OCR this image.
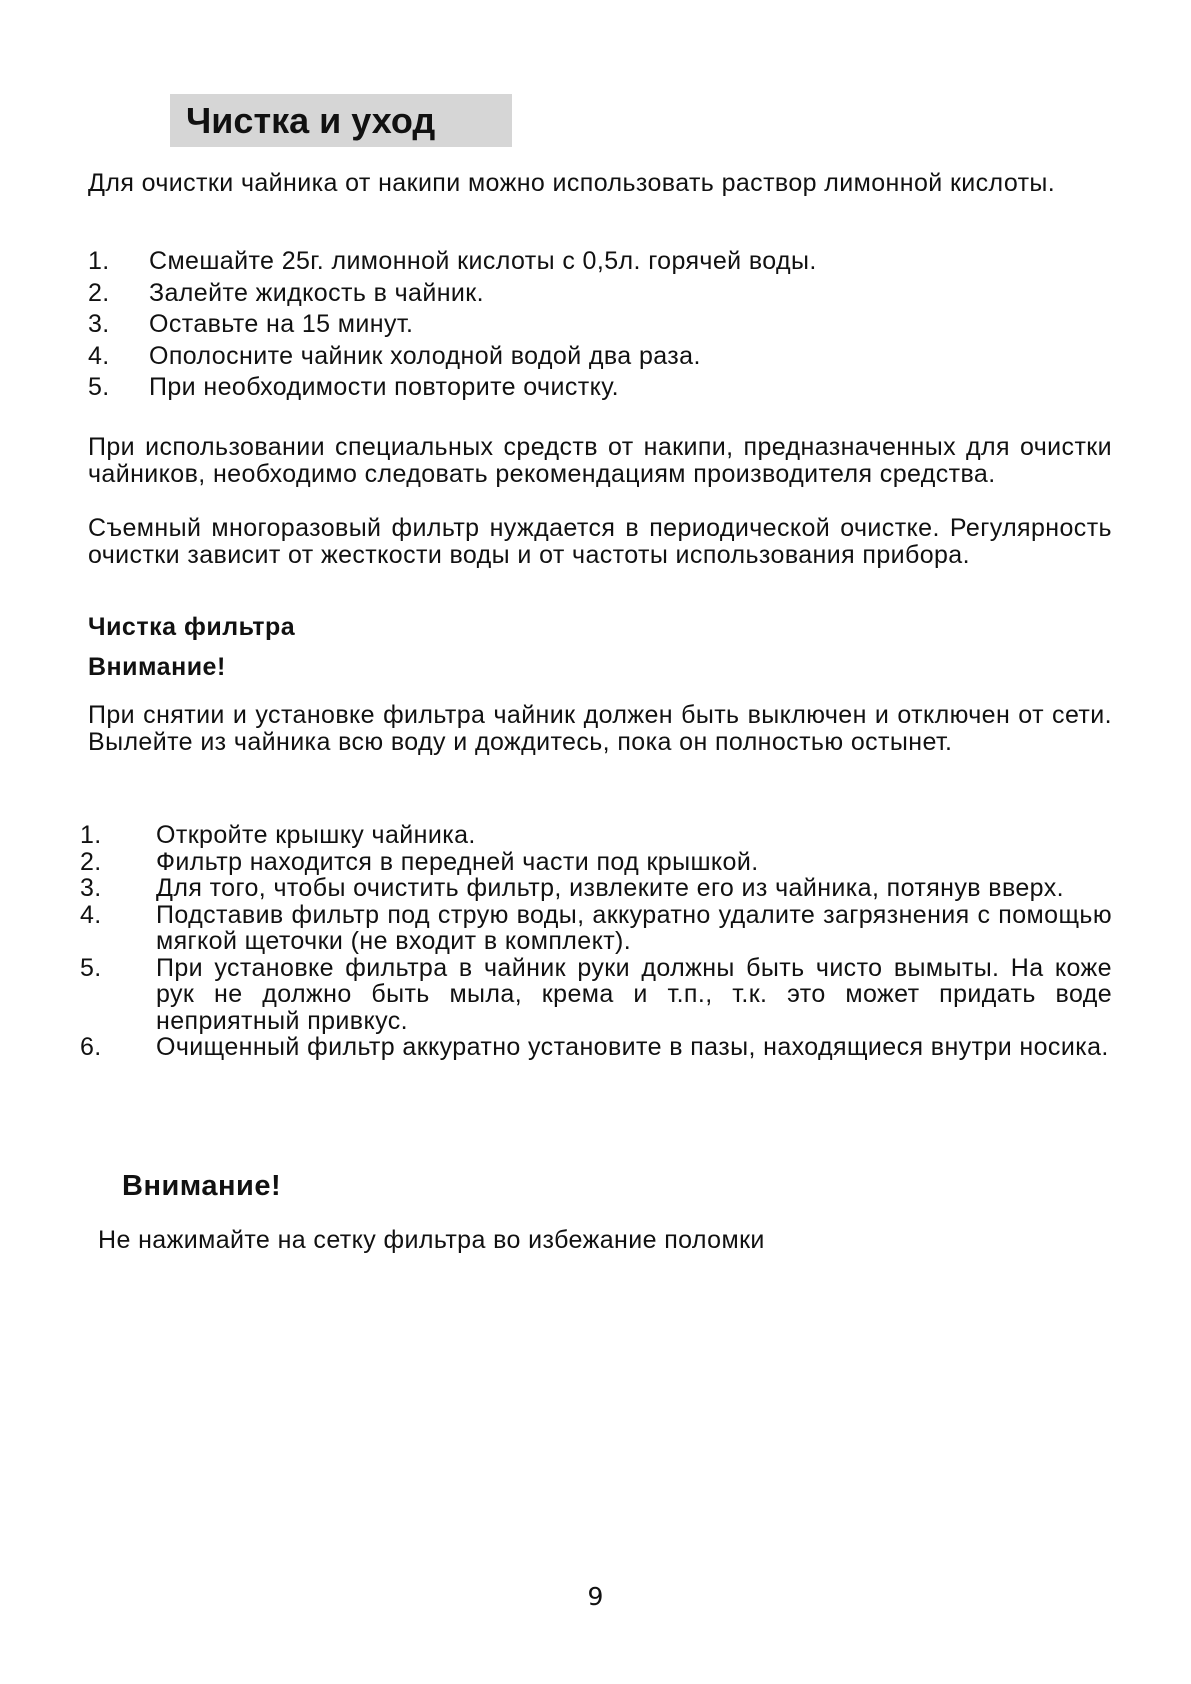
Чистка и уход
Для очистки чайника от накипи можно использовать раствор лимонной кислоты.
1.	Смешайте 25г. лимонной кислоты с 0,5л. горячей воды.
2.	Залейте жидкость в чайник.
3.	Оставьте на 15 минут.
4.	Ополосните чайник холодной водой два раза.
5.	При необходимости повторите очистку.
При использовании специальных средств от накипи, предназначенных для очистки чайников, необходимо следовать рекомендациям производителя средства.
Съемный многоразовый фильтр нуждается в периодической очистке. Регулярность очистки зависит от жесткости воды и от частоты использования прибора.
Чистка фильтра
Внимание!
При снятии и установке фильтра чайник должен быть выключен и отключен от сети. Вылейте из чайника всю воду и дождитесь, пока он полностью остынет.
1.	Откройте крышку чайника.
2.	Фильтр находится в передней части под крышкой.
3.	Для того, чтобы очистить фильтр, извлеките его из чайника, потянув вверх.
4.	Подставив фильтр под струю воды, аккуратно удалите загрязнения с помощью мягкой щеточки (не входит в комплект).
5.	При установке фильтра в чайник руки должны быть чисто вымыты. На коже рук не должно быть мыла, крема и т.п., т.к. это может придать воде неприятный привкус.
6.	Очищенный фильтр аккуратно установите в пазы, находящиеся внутри носика.
Внимание!
Не нажимайте на сетку фильтра во избежание поломки
9
